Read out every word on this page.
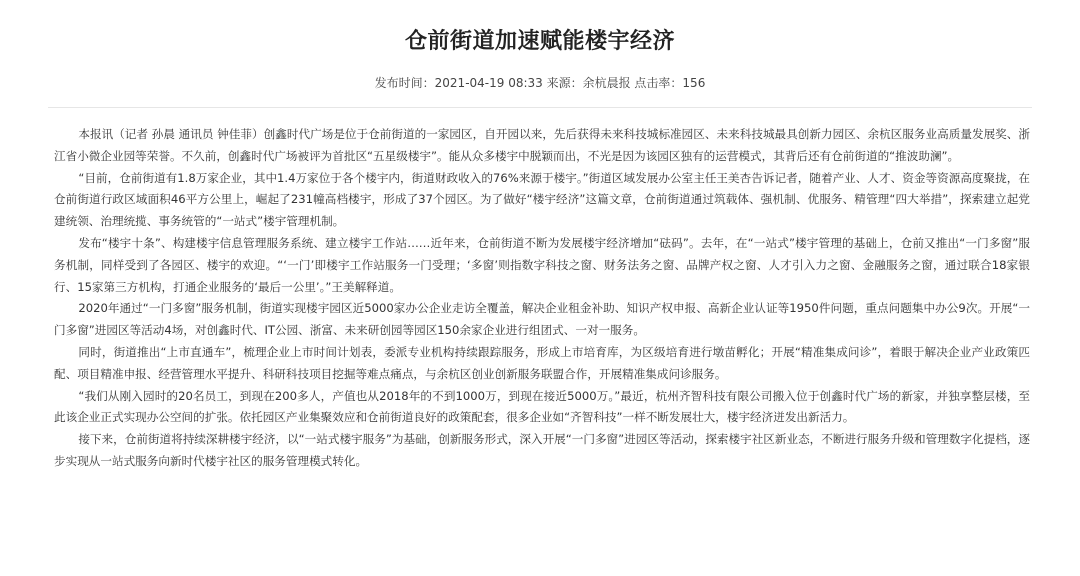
仓前街道加速赋能楼宇经济
发布时间：2021-04-19 08:33 来源：余杭晨报 点击率：156

本报讯（记者 孙晨 通讯员 钟佳菲）创鑫时代广场是位于仓前街道的一家园区，自开园以来，先后获得未来科技城标准园区、未来科技城最具创新力园区、余杭区服务业高质量发展奖、浙江省小微企业园等荣誉。不久前，创鑫时代广场被评为首批区“五星级楼宇”。能从众多楼宇中脱颖而出，不光是因为该园区独有的运营模式，其背后还有仓前街道的“推波助澜”。

“目前，仓前街道有1.8万家企业，其中1.4万家位于各个楼宇内，街道财政收入的76%来源于楼宇。”街道区域发展办公室主任王美杏告诉记者，随着产业、人才、资金等资源高度聚拢，在仓前街道行政区域面积46平方公里上，崛起了231幢高档楼宇，形成了37个园区。为了做好“楼宇经济”这篇文章，仓前街道通过筑载体、强机制、优服务、精管理“四大举措”，探索建立起党建统领、治理统揽、事务统管的“一站式”楼宇管理机制。

发布“楼宇十条”、构建楼宇信息管理服务系统、建立楼宇工作站……近年来，仓前街道不断为发展楼宇经济增加“砝码”。去年，在“一站式”楼宇管理的基础上，仓前又推出“一门多窗”服务机制，同样受到了各园区、楼宇的欢迎。“‘一门’即楼宇工作站服务一门受理；‘多窗’则指数字科技之窗、财务法务之窗、品牌产权之窗、人才引入力之窗、金融服务之窗，通过联合18家银行、15家第三方机构，打通企业服务的‘最后一公里’。”王美解释道。

2020年通过“一门多窗”服务机制，街道实现楼宇园区近5000家办公企业走访全覆盖，解决企业租金补助、知识产权申报、高新企业认证等1950件问题，重点问题集中办公9次。开展“一门多窗”进园区等活动4场，对创鑫时代、IT公园、浙富、未来研创园等园区150余家企业进行组团式、一对一服务。

同时，街道推出“上市直通车”，梳理企业上市时间计划表，委派专业机构持续跟踪服务，形成上市培育库，为区级培育进行墩苗孵化；开展“精准集成问诊”，着眼于解决企业产业政策匹配、项目精准申报、经营管理水平提升、科研科技项目挖掘等难点痛点，与余杭区创业创新服务联盟合作，开展精准集成问诊服务。

“我们从刚入园时的20名员工，到现在200多人，产值也从2018年的不到1000万，到现在接近5000万。”最近，杭州齐智科技有限公司搬入位于创鑫时代广场的新家，并独享整层楼，至此该企业正式实现办公空间的扩张。依托园区产业集聚效应和仓前街道良好的政策配套，很多企业如“齐智科技”一样不断发展壮大，楼宇经济迸发出新活力。

接下来，仓前街道将持续深耕楼宇经济，以“一站式楼宇服务”为基础，创新服务形式，深入开展“一门多窗”进园区等活动，探索楼宇社区新业态，不断进行服务升级和管理数字化提档，逐步实现从一站式服务向新时代楼宇社区的服务管理模式转化。
